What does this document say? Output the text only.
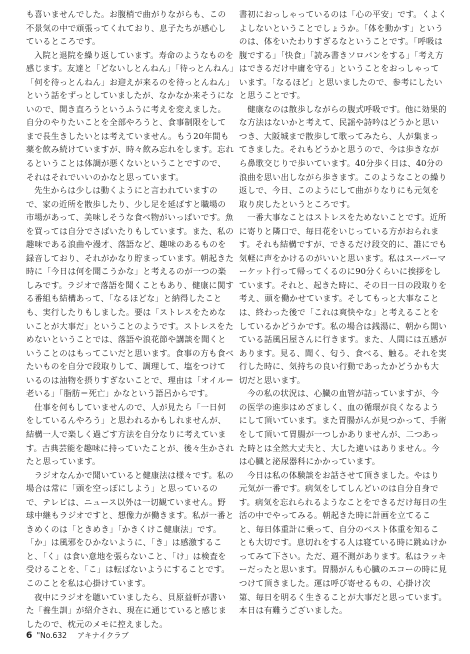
も喜いませんでした。お腹梢で曲がりながらも、この不景気の中で頑張ってくれており、息子たちが感心しているところです。

入院と退院を繰り返しています。寿命のようなものを感じます。友達と「どないしとんねん」「待っとんねん」「何を待っとんねん」お迎えが来るのを待っとんねん」という話をずっとしていましたが、なかなか来そうにないので、開き直ろうというふうに考えを変えました。自分のやりたいことを全部やろうと、食事制限をしてまで長生きしたいとは考えていません。もう20年間も薬を飲み続けていますが、時々飲み忘れをします。忘れるということは体調が悪くないということですので、それはそれでいいのかなと思っています。

先生からは少しは動くようにと言われていますので、家の近所を散歩したり、少し足を延ばすと職場の市場があって、美味しそうな食べ物がいっぱいです。魚を買っては自分でさばいたりもしています。また、私の趣味である浪曲や漫才、落語など、趣味のあるものを録音しており、それがかなり貯まっています。朝起きた時に「今日は何を聞こうかな」と考えるのが一つの楽しみです。ラジオで落語を聞くこともあり、健康に関する番組も結構あって、「なるほどな」と納得したことも、実行したりもしました。要は「ストレスをためないことが大事だ」ということのようです。ストレスをためないということでは、落語や浪花節や講談を聞くということのはもってこいだと思います。食事の方も食べたいものを自分で段取りして、調理して、塩をつけているのは油物を摂りすぎないことで、理由は「オイル＝老いる」「脂肪＝死亡」かなという語呂からです。

仕事を何もしていませんので、人が見たら「一日何をしているんやろう」と思われるかもしれませんが、結構一人で楽しく過ごす方法を自分なりに考えています。古典芸能を趣味に持っていたことが、後々生かされたと思っています。

ラジオなんかで聞いていると健康法は様々です。私の場合は常に「頭を空っぽにしよう」と思っているので、テレビは、ニュース以外は一切観ていません。野球中継もラジオですと、想像力が働きます。私が一番ときめくのは「ときめき」「かきくけこ健康法」です。「か」は風邪をひかないように、「き」は感激すること、「く」は食い意地を張らないこと、「け」は検査を受けることを、「こ」は転ばないようにすることです。このことを私は心掛けています。

夜中にラジオを聴いていましたら、貝原益軒が書いた「養生訓」が紹介され、現在に通じていると感じましたので、枕元のメモに控えました。

書初におっしゃっているのは「心の平安」です。くよくよしないということでしょうか。「体を動かす」というのは、体をいたわりすぎるなということです。「呼吸は腹でする」「快食」「読み書きソロバンをする」「考え方はできるだけ中庸を守る」ということをおっしゃっています。「なるほど」と思いましたので、参考にしたいと思うことです。

健康なのは散歩しながらの腹式呼吸です。他に効果的な方法はないかと考えて、民謡や詩吟はどうかと思いつき、大阪城まで散歩して歌ってみたら、人が集まってきました。それもどうかと思うので、今は歩きながら鼻歌交じりで歩いています。40分歩く日は、40分の浪曲を思い出しながら歩きます。このようなことの繰り返しで、今日、このようにして曲がりなりにも元気を取り戻したというところです。

一番大事なことはストレスをためないことです。近所に寄りと隣口で、毎日花をいじっている方がおられます。それも結構ですが、できるだけ段交的に、誰にでも気軽に声をかけるのがいいと思います。私はスーパーマーケット行って帰ってくるのに90分くらいに挨拶をしています。それと、起きた時に、その日一日の段取りを考え、頭を働かせています。そしてもっと大事なことは、終わった後で「これは爽快やな」と考えることをしているかどうかです。私の場合は銭湯に、朝から開いている話風呂屋さんに行きます。また、人間には五感があります。見る、聞く、匂う、食べる、触る。それを実行した時に、気持ちの良い行動であったかどうかも大切だと思います。

今の私の状況は、心臓の血管が詰っていますが、今の医学の進歩はめざましく、血の循環が良くなるようにして頂いています。また胃腸がんが見つかって、手術をして頂いて胃腸が一つしかありませんが、二つあった時とは全然大丈夫と、大した違いはありません。今は心臓と泌尿器科にかかっています。

今日は私の体験談をお話させて頂きました。やはり元気が一番です。病気をしてしんどいのは自分自身です。病気を忘れられるようなことをできるだけ毎日の生活の中でやってみる。朝起きた時に計画を立てること、毎日体重計に乗って、自分のベスト体重を知ることも大切です。息切れをする人は寝ている時に跳ぬけかってみて下さい。ただ、週不測があります。私はラッキーだったと思います。胃腸がんも心臓のエコーの時に見つけて頂きました。運は呼び寄せるもの、心掛け次第、毎日を明るく生きることが大事だと思っています。本日は有難うございました。

6 "No.632 アキナイクラブ
